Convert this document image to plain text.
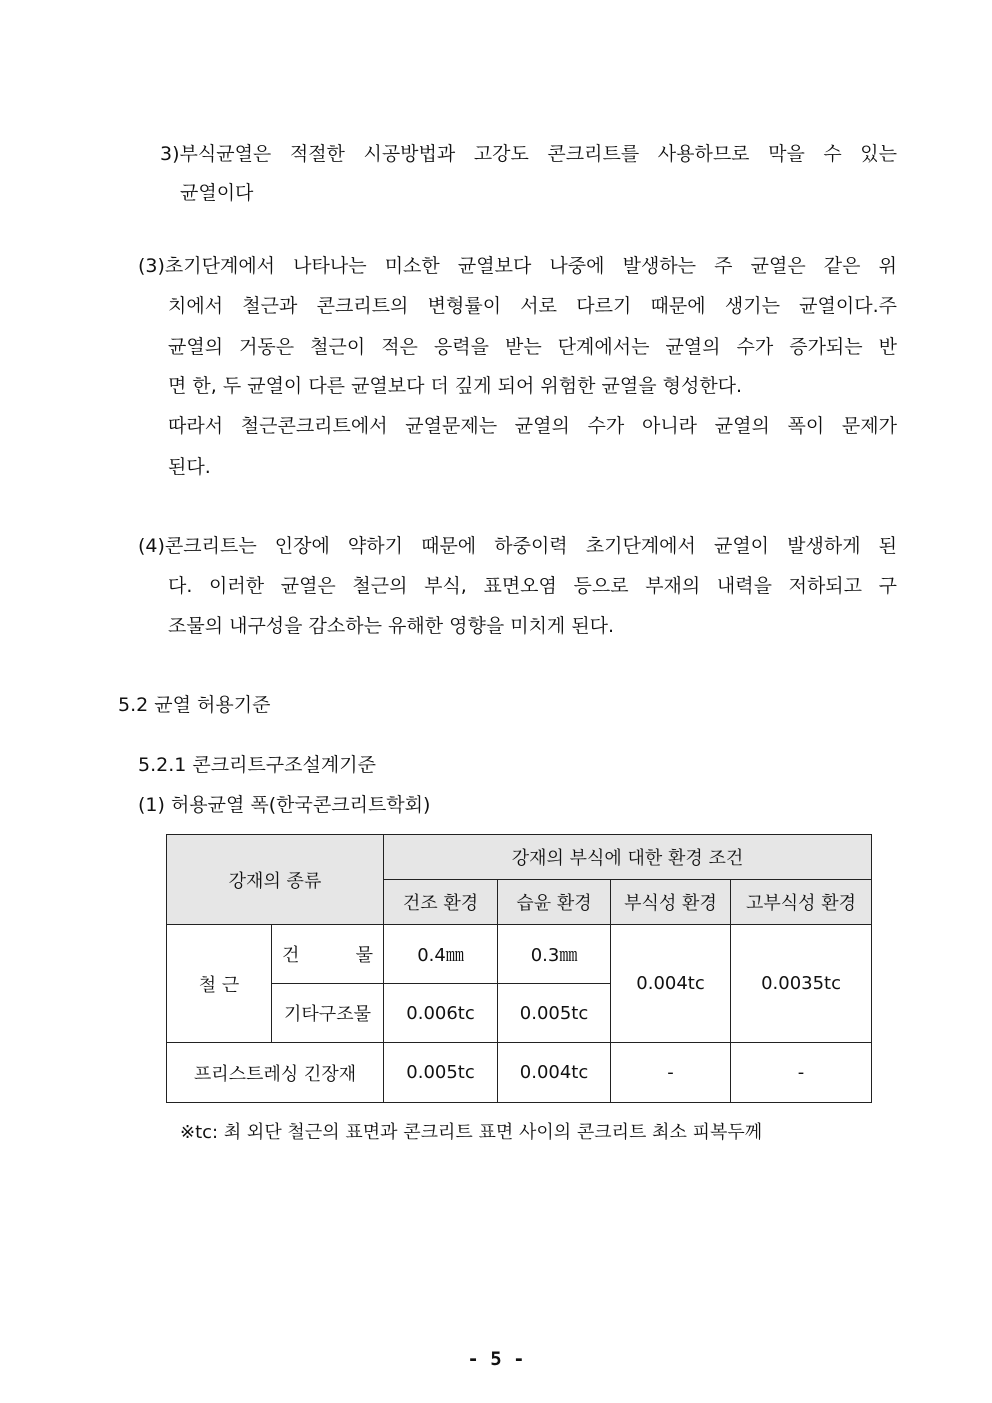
3)부식균열은 적절한 시공방법과 고강도 콘크리트를 사용하므로 막을 수 있는
균열이다
(3)초기단계에서 나타나는 미소한 균열보다 나중에 발생하는 주 균열은 같은 위
치에서 철근과 콘크리트의 변형률이 서로 다르기 때문에 생기는 균열이다.주
균열의 거동은 철근이 적은 응력을 받는 단계에서는 균열의 수가 증가되는 반
면 한, 두 균열이 다른 균열보다 더 깊게 되어 위험한 균열을 형성한다.
따라서 철근콘크리트에서 균열문제는 균열의 수가 아니라 균열의 폭이 문제가
된다.
(4)콘크리트는 인장에 약하기 때문에 하중이력 초기단계에서 균열이 발생하게 된
다. 이러한 균열은 철근의 부식, 표면오염 등으로 부재의 내력을 저하되고 구
조물의 내구성을 감소하는 유해한 영향을 미치게 된다.
5.2 균열 허용기준
5.2.1 콘크리트구조설계기준
(1) 허용균열 폭(한국콘크리트학회)
강재의 종류		강재의 부식에 대한 환경 조건			
		건조 환경	습윤 환경	부식성 환경	고부식성 환경
철 근	건 물	0.4㎜	0.3㎜	0.004tc	0.0035tc
	기타구조물	0.006tc	0.005tc		
프리스트레싱 긴장재		0.005tc	0.004tc	-	-
※tc: 최 외단 철근의 표면과 콘크리트 표면 사이의 콘크리트 최소 피복두께
- 5 -
